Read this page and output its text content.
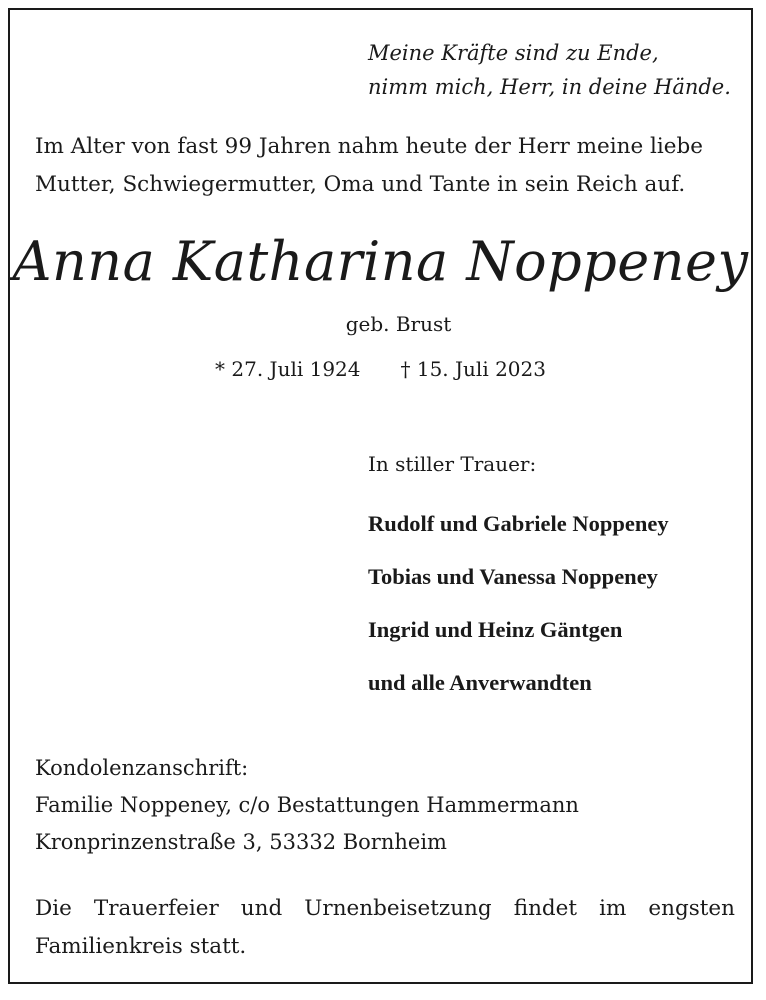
Meine Kräfte sind zu Ende,
nimm mich, Herr, in deine Hände.

Im Alter von fast 99 Jahren nahm heute der Herr meine liebe
Mutter, Schwiegermutter, Oma und Tante in sein Reich auf.

Anna Katharina Noppeney
geb. Brust
* 27. Juli 1924 † 15. Juli 2023
In stiller Trauer:
Rudolf und Gabriele Noppeney
Tobias und Vanessa Noppeney
Ingrid und Heinz Gäntgen
und alle Anverwandten
Kondolenzanschrift:
Familie Noppeney, c/o Bestattungen Hammermann
Kronprinzenstraße 3, 53332 Bornheim
Die Trauerfeier und Urnenbeisetzung findet im engsten
Familienkreis statt.
